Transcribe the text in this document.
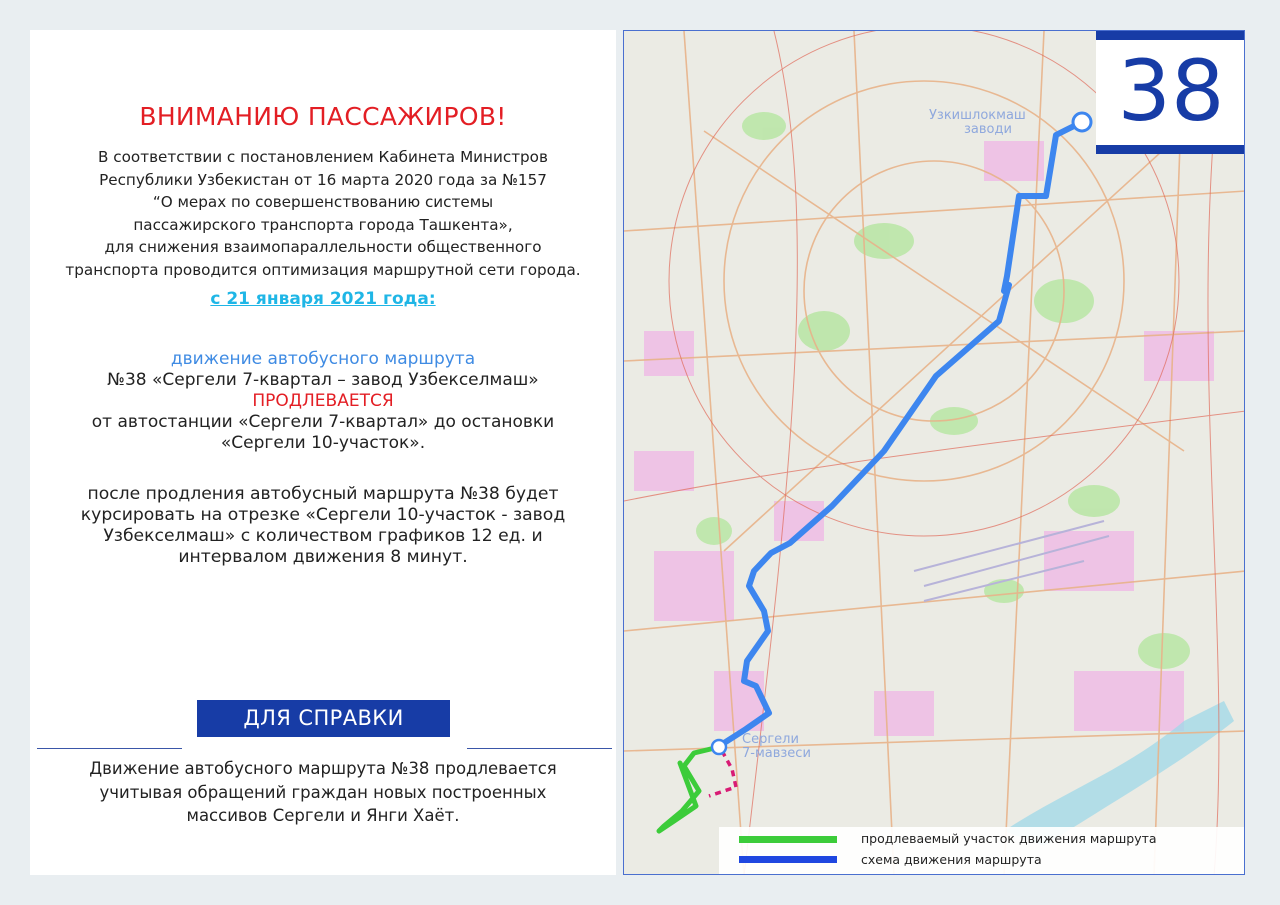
ВНИМАНИЮ ПАССАЖИРОВ!
В соответствии с постановлением Кабинета Министров
Республики Узбекистан от 16 марта 2020 года за №157
“О мерах по совершенствованию системы
пассажирского транспорта города Ташкента»,
для снижения взаимопараллельности общественного
транспорта проводится оптимизация маршрутной сети города.
с 21 января 2021 года:
движение автобусного маршрута
№38 «Сергели 7-квартал – завод Узбекселмаш»
ПРОДЛЕВАЕТСЯ
от автостанции «Сергели 7-квартал» до остановки
«Сергели 10-участок».
после продления автобусный маршрута №38 будет
курсировать на отрезке «Сергели 10-участок - завод
Узбекселмаш» с количеством графиков 12 ед. и
интервалом движения 8 минут.
ДЛЯ СПРАВКИ
Движение автобусного маршрута №38 продлевается
учитывая обращений граждан новых построенных
массивов Сергели и Янги Хаёт.
Узкишлокмаш
заводи
Сергели
7-мавзеси
38
продлеваемый участок движения маршрута
схема движения маршрута
